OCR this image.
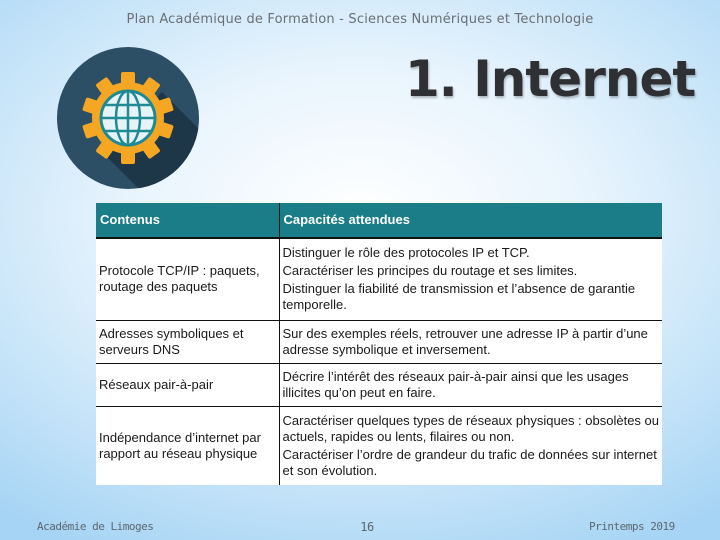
Plan Académique de Formation - Sciences Numériques et Technologie
1. Internet
Contenus	Capacités attendues
Protocole TCP/IP : paquets, routage des paquets	Distinguer le rôle des protocoles IP et TCP.
Caractériser les principes du routage et ses limites.
Distinguer la fiabilité de transmission et l’absence de garantie temporelle.

Adresses symboliques et serveurs DNS	Sur des exemples réels, retrouver une adresse IP à partir d’une adresse symbolique et inversement.

Réseaux pair-à-pair	Décrire l’intérêt des réseaux pair-à-pair ainsi que les usages illicites qu’on peut en faire.

Indépendance d’internet par rapport au réseau physique	Caractériser quelques types de réseaux physiques : obsolètes ou actuels, rapides ou lents, filaires ou non.
Caractériser l’ordre de grandeur du trafic de données sur internet et son évolution.
Académie de Limoges	16	Printemps 2019
